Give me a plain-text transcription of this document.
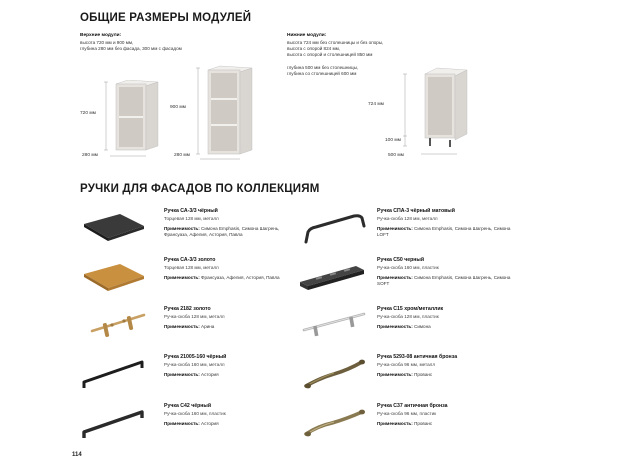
ОБЩИЕ РАЗМЕРЫ МОДУЛЕЙ
Верхние модули:
высота 720 мм и 900 мм,
глубина 280 мм без фасада, 300 мм с фасадом
Нижние модули:
высота 724 мм без столешницы и без опоры,
высота с опорой 824 мм,
высота с опорой и столешницей 850 мм
глубина 500 мм без столешницы,
глубина со столешницей 600 мм
720 мм
280 мм
900 мм
280 мм
724 мм
100 мм
500 мм
РУЧКИ ДЛЯ ФАСАДОВ ПО КОЛЛЕКЦИЯМ
Ручка СА-3/3 чёрный
Торцевая 128 мм, металл
Применимость: Симона Emphasis, Симона Шагрень, Франсуаза, Афелия, Астория, Павла
Ручка СА-3/3 золото
Торцевая 128 мм, металл
Применимость: Франсуаза, Афелия, Астория, Павла
Ручка 2182 золото
Ручка-скоба 128 мм, металл
Применимость: Арина
Ручка 21005-160 чёрный
Ручка-скоба 160 мм, металл
Применимость: Астория
Ручка С42 чёрный
Ручка-скоба 160 мм, пластик
Применимость: Астория
Ручка СПА-3 чёрный матовый
Ручка-скоба 128 мм, металл
Применимость: Симона Emphasis, Симона Шагрень, Симона LOFT
Ручка С50 черный
Ручка-скоба 160 мм, пластик
Применимость: Симона Emphasis, Симона Шагрень, Симона SOFT
Ручка С15 хром/металлик
Ручка-скоба 128 мм, пластик
Применимость: Симона
Ручка 5293-08 античная бронза
Ручка-скоба 96 мм, металл
Применимость: Прованс
Ручка С37 античная бронза
Ручка-скоба 96 мм, пластик
Применимость: Прованс
114
